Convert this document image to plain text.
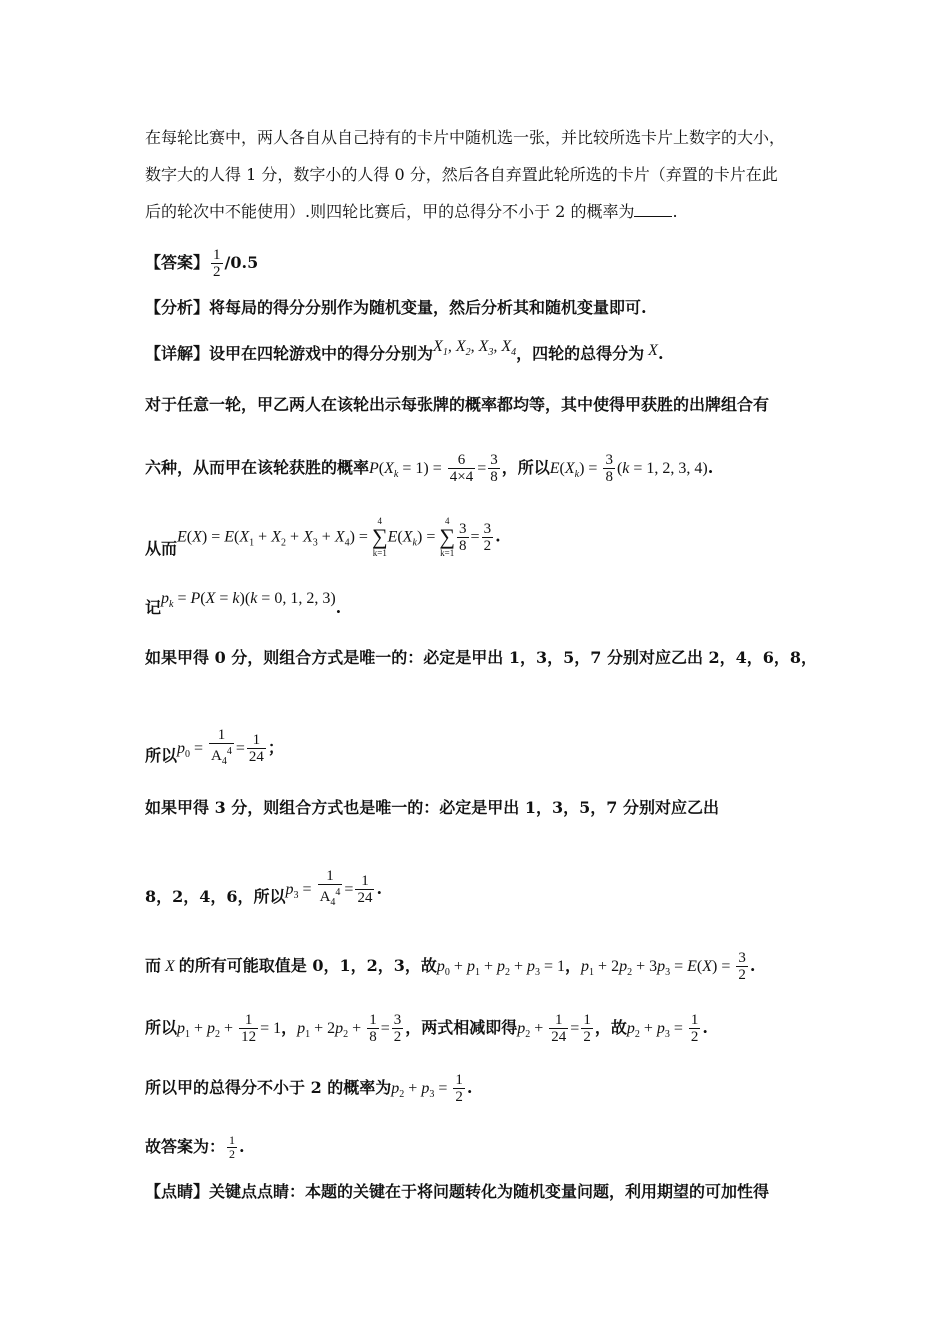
在每轮比赛中，两人各自从自己持有的卡片中随机选一张，并比较所选卡片上数字的大小，
数字大的人得 1 分，数字小的人得 0 分，然后各自弃置此轮所选的卡片（弃置的卡片在此
后的轮次中不能使用）.则四轮比赛后，甲的总得分不小于 2 的概率为 .
【答案】 $\frac{1}{2} /0.5$
【分析】将每局的得分分别作为随机变量，然后分析其和随机变量即可.
【详解】设甲在四轮游戏中的得分分别为$X_1$, $X_2$, $X_3$, $X_4$，四轮的总得分为 X.
对于任意一轮，甲乙两人在该轮出示每张牌的概率都均等，其中使得甲获胜的出牌组合有
六种，从而甲在该轮获胜的概率$P(X_k = 1) = \frac{6}{4\times 4} = \frac{3}{8}$ ，所以$E(X_k) = \frac{3}{8} (k = 1$, 2, 3, 4).
从而$E(X) = E(X_1 + X_2 + X_3 + X_4)$ =
4
∑
k=1
$E(X_k)$ =
4
∑
$k=1 \frac{3}{8} = \frac{3}{2}$ .
记$p_k = P(X = k)(k = 0$, 1, 2, 3).
如果甲得 0 分，则组合方式是唯一的：必定是甲出 1，3，5，7 分别对应乙出 2，4，6，8，
所以$p_0 = \frac{1}{A_4^4} = \frac{1}{24}$ ；
如果甲得 3 分，则组合方式也是唯一的：必定是甲出 1，3，5，7 分别对应乙出
8，2，4，6，所以$p_3 = \frac{1}{A_4^4} = \frac{1}{24}$ .
而 X 的所有可能取值是 0，1，2，3，故$p_0 + p_1 + p_2 + p_3 = 1$，$p_1 + 2p_2 + 3p_3 = E(X) = \frac{3}{2}$ .
所以$p_1 + p_2 + \frac{1}{12} = 1$，$p_1 + 2p_2 + \frac{1}{8} = \frac{3}{2}$ ，两式相减即得$p_2 + \frac{1}{24} = \frac{1}{2}$ ，故$p_2 + p_3 = \frac{1}{2}$ .
所以甲的总得分不小于 2 的概率为$p_2 + p_3 = \frac{1}{2}$ .
故答案为： $\frac{1}{2}$ .
【点睛】关键点点睛：本题的关键在于将问题转化为随机变量问题，利用期望的可加性得
